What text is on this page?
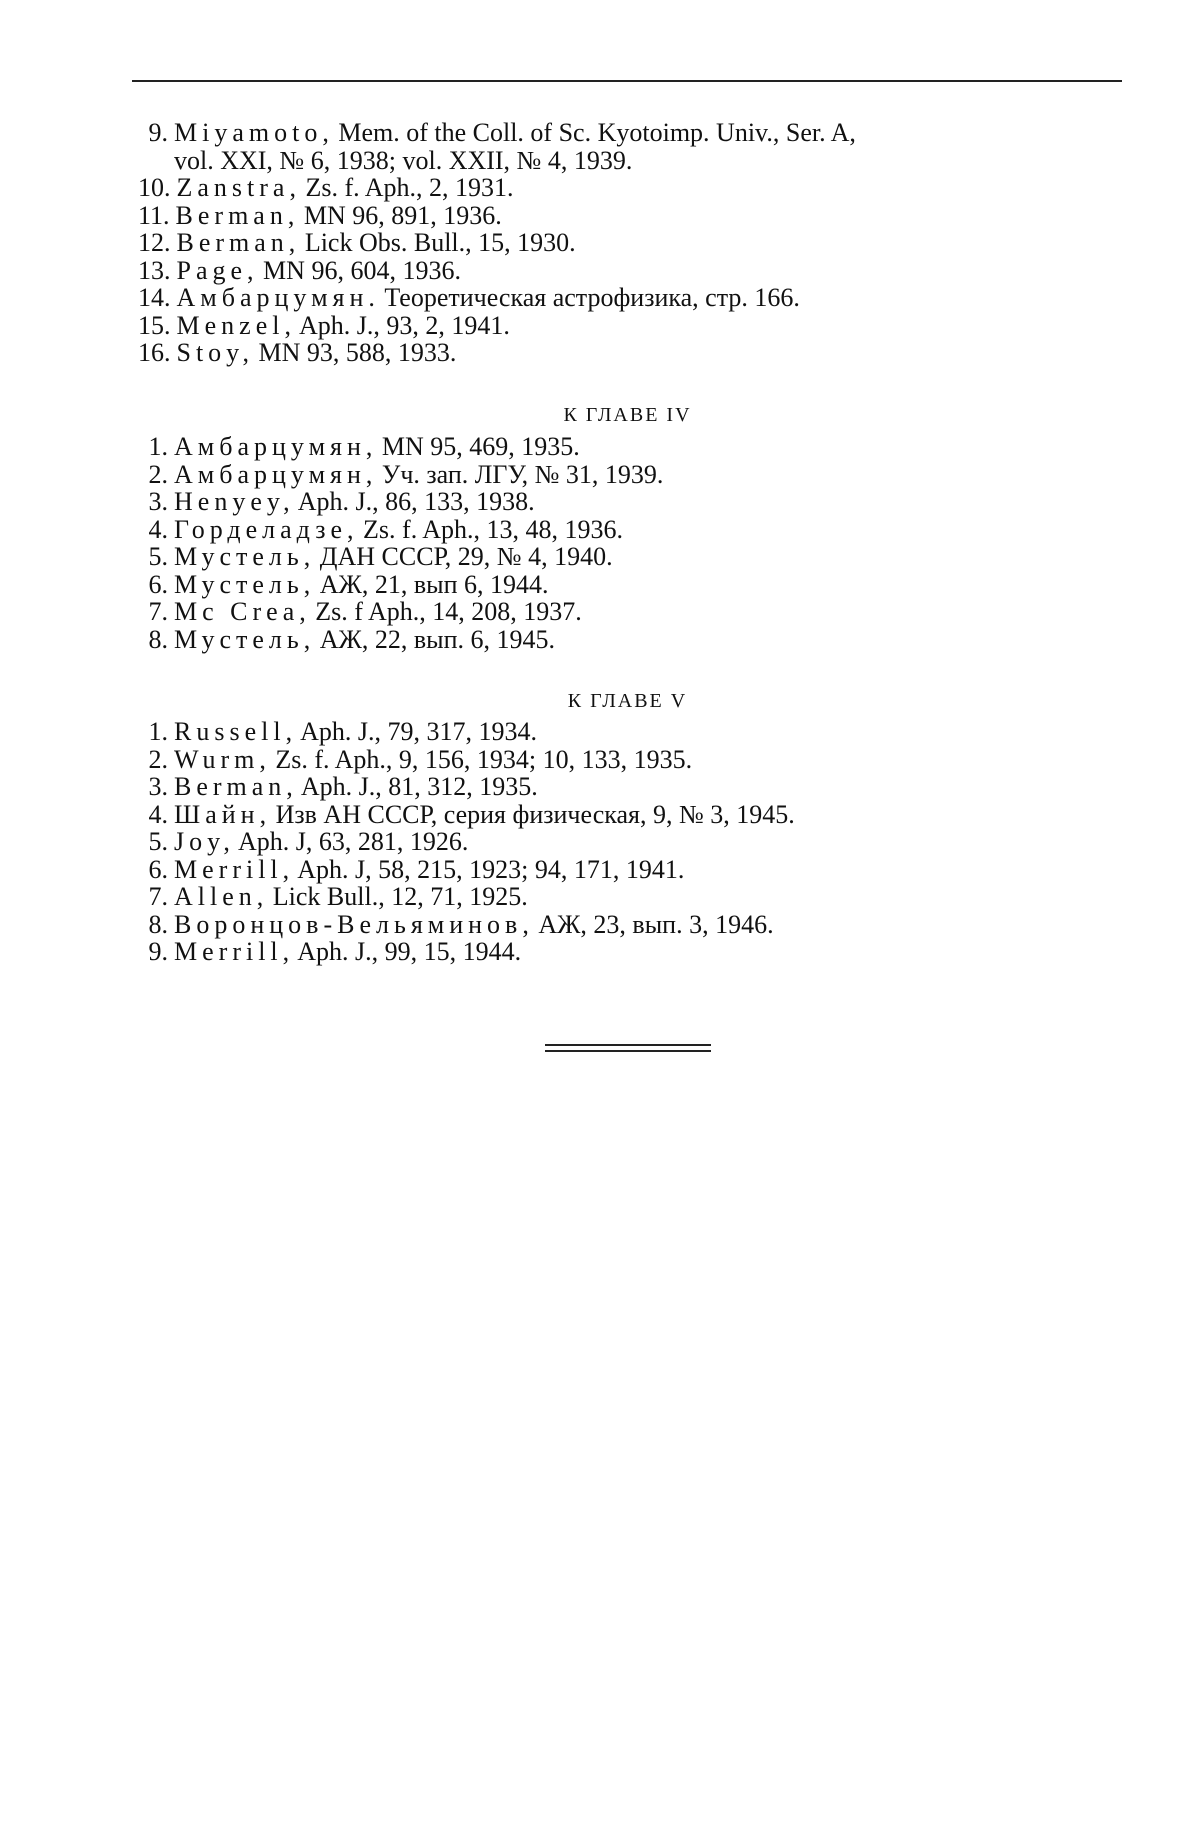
9. Miyamoto, Mem. of the Coll. of Sc. Kyotoimp. Univ., Ser. A,
vol. XXI, № 6, 1938; vol. XXII, № 4, 1939.
10. Zanstra, Zs. f. Aph., 2, 1931.
11. Berman, MN 96, 891, 1936.
12. Berman, Lick Obs. Bull., 15, 1930.
13. Page, MN 96, 604, 1936.
14. Амбарцумян. Теоретическая астрофизика, стр. 166.
15. Menzel, Aph. J., 93, 2, 1941.
16. Stoy, MN 93, 588, 1933.
К ГЛАВЕ IV
1. Амбарцумян, MN 95, 469, 1935.
2. Амбарцумян, Уч. зап. ЛГУ, № 31, 1939.
3. Henyey, Aph. J., 86, 133, 1938.
4. Горделадзе, Zs. f. Aph., 13, 48, 1936.
5. Мустель, ДАН СССР, 29, № 4, 1940.
6. Мустель, АЖ, 21, вып 6, 1944.
7. Mc Crea, Zs. f Aph., 14, 208, 1937.
8. Мустель, АЖ, 22, вып. 6, 1945.
К ГЛАВЕ V
1. Russell, Aph. J., 79, 317, 1934.
2. Wurm, Zs. f. Aph., 9, 156, 1934; 10, 133, 1935.
3. Berman, Aph. J., 81, 312, 1935.
4. Шайн, Изв АН СССР, серия физическая, 9, № 3, 1945.
5. Joy, Aph. J, 63, 281, 1926.
6. Merrill, Aph. J, 58, 215, 1923; 94, 171, 1941.
7. Allen, Lick Bull., 12, 71, 1925.
8. Воронцов-Вельяминов, АЖ, 23, вып. 3, 1946.
9. Merrill, Aph. J., 99, 15, 1944.
